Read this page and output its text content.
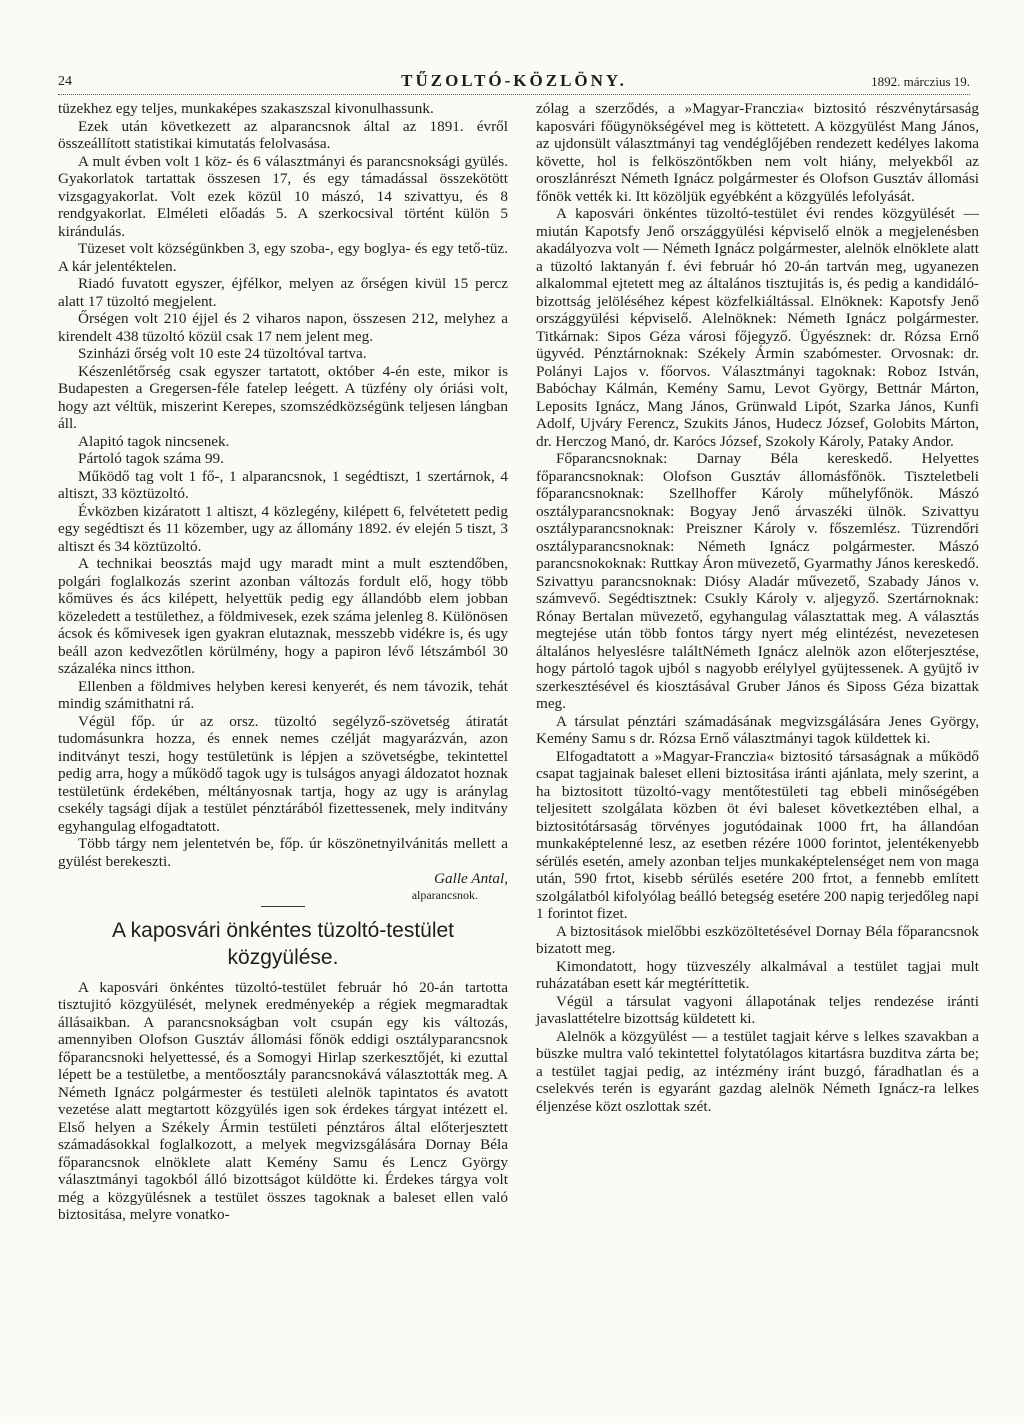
24	TŰZOLTÓ-KÖZLÖNY.	1892. márczius 19.

tüzekhez egy teljes, munkaképes szakaszszal kivonulhassunk.

Ezek után következett az alparancsnok által az 1891. évről összeállított statistikai kimutatás felolvasása.

A mult évben volt 1 köz- és 6 választmányi és parancsnoksági gyülés. Gyakorlatok tartattak összesen 17, és egy támadással összekötött vizsgagyakorlat. Volt ezek közül 10 mászó, 14 szivattyu, és 8 rendgyakorlat. Elméleti előadás 5. A szerkocsival történt külön 5 kirándulás.

Tüzeset volt községünkben 3, egy szoba-, egy boglya- és egy tető-tüz. A kár jelentéktelen.

Riadó fuvatott egyszer, éjfélkor, melyen az őrségen kivül 15 percz alatt 17 tüzoltó megjelent.

Őrségen volt 210 éjjel és 2 viharos napon, összesen 212, melyhez a kirendelt 438 tüzoltó közül csak 17 nem jelent meg.

Szinházi őrség volt 10 este 24 tüzoltóval tartva.

Készenlétőrség csak egyszer tartatott, október 4-én este, mikor is Budapesten a Gregersen-féle fatelep leégett. A tüzfény oly óriási volt, hogy azt véltük, miszerint Kerepes, szomszédközségünk teljesen lángban áll.

Alapitó tagok nincsenek.

Pártoló tagok száma 99.

Működő tag volt 1 fő-, 1 alparancsnok, 1 segédtiszt, 1 szertárnok, 4 altiszt, 33 köztüzoltó.

Évközben kizáratott 1 altiszt, 4 közlegény, kilépett 6, felvétetett pedig egy segédtiszt és 11 közember, ugy az állomány 1892. év elején 5 tiszt, 3 altiszt és 34 köztüzoltó.

A technikai beosztás majd ugy maradt mint a mult esztendőben, polgári foglalkozás szerint azonban változás fordult elő, hogy több kőmüves és ács kilépett, helyettük pedig egy állandóbb elem jobban közeledett a testülethez, a földmivesek, ezek száma jelenleg 8. Különösen ácsok és kőmivesek igen gyakran elutaznak, messzebb vidékre is, és ugy beáll azon kedvezőtlen körülmény, hogy a papiron lévő létszámból 30 százaléka nincs itthon.

Ellenben a földmives helyben keresi kenyerét, és nem távozik, tehát mindig számithatni rá.

Végül főp. úr az orsz. tüzoltó segélyző-szövetség átiratát tudomásunkra hozza, és ennek nemes czélját magyarázván, azon inditványt teszi, hogy testületünk is lépjen a szövetségbe, tekintettel pedig arra, hogy a működő tagok ugy is tulságos anyagi áldozatot hoznak testületünk érdekében, méltányosnak tartja, hogy az ugy is aránylag csekély tagsági díjak a testület pénztárából fizettessenek, mely inditvány egyhangulag elfogadtatott.

Több tárgy nem jelentetvén be, főp. úr köszönetnyilvánitás mellett a gyülést berekeszti.

Galle Antal,
alparancsnok.

A kaposvári önkéntes tüzoltó-testület
közgyülése.

A kaposvári önkéntes tüzoltó-testület február hó 20-án tartotta tisztujitó közgyülését, melynek eredményekép a régiek megmaradtak állásaikban. A parancsnokságban volt csupán egy kis változás, amennyiben Olofson Gusztáv állomási főnök eddigi osztályparancsnok főparancsnoki helyettessé, és a Somogyi Hirlap szerkesztőjét, ki ezuttal lépett be a testületbe, a mentőosztály parancsnokává választották meg. A Németh Ignácz polgármester és testületi alelnök tapintatos és avatott vezetése alatt megtartott közgyülés igen sok érdekes tárgyat intézett el. Első helyen a Székely Ármin testületi pénztáros által előterjesztett számadásokkal foglalkozott, a melyek megvizsgálására Dornay Béla főparancsnok elnöklete alatt Kemény Samu és Lencz György választmányi tagokból álló bizottságot küldötte ki. Érdekes tárgya volt még a közgyülésnek a testület összes tagoknak a baleset ellen való biztositása, melyre vonatko-

zólag a szerződés, a »Magyar-Franczia« biztositó részvénytársaság kaposvári főügynökségével meg is köttetett. A közgyülést Mang János, az ujdonsült választmányi tag vendéglőjében rendezett kedélyes lakoma követte, hol is felköszöntőkben nem volt hiány, melyekből az oroszlánrészt Németh Ignácz polgármester és Olofson Gusztáv állomási főnök vették ki. Itt közöljük egyébként a közgyülés lefolyását.

A kaposvári önkéntes tüzoltó-testület évi rendes közgyülését — miután Kapotsfy Jenő országgyülési képviselő elnök a megjelenésben akadályozva volt — Németh Ignácz polgármester, alelnök elnöklete alatt a tüzoltó laktanyán f. évi február hó 20-án tartván meg, ugyanezen alkalommal ejtetett meg az általános tisztujitás is, és pedig a kandidáló-bizottság jelöléséhez képest közfelkiáltással. Elnöknek: Kapotsfy Jenő országgyülési képviselő. Alelnöknek: Németh Ignácz polgármester. Titkárnak: Sipos Géza városi főjegyző. Ügyésznek: dr. Rózsa Ernő ügyvéd. Pénztárnoknak: Székely Ármin szabómester. Orvosnak: dr. Polányi Lajos v. főorvos. Választmányi tagoknak: Roboz István, Babóchay Kálmán, Kemény Samu, Levot György, Bettnár Márton, Leposits Ignácz, Mang János, Grünwald Lipót, Szarka János, Kunfi Adolf, Ujváry Ferencz, Szukits János, Hudecz József, Golobits Márton, dr. Herczog Manó, dr. Karócs József, Szokoly Károly, Pataky Andor.

Főparancsnoknak: Darnay Béla kereskedő. Helyettes főparancsnoknak: Olofson Gusztáv állomásfőnök. Tiszteletbeli főparancsnoknak: Szellhoffer Károly műhelyfőnök. Mászó osztályparancsnoknak: Bogyay Jenő árvaszéki ülnök. Szivattyu osztályparancsnoknak: Preiszner Károly v. főszemlész. Tüzrendőri osztályparancsnoknak: Németh Ignácz polgármester. Mászó parancsnokoknak: Ruttkay Áron müvezető, Gyarmathy János kereskedő. Szivattyu parancsnoknak: Diósy Aladár művezető, Szabady János v. számvevő. Segédtisztnek: Csukly Károly v. aljegyző. Szertárnoknak: Rónay Bertalan müvezető, egyhangulag választattak meg. A választás megtejése után több fontos tárgy nyert még elintézést, nevezetesen általános helyeslésre találtNémeth Ignácz alelnök azon előterjesztése, hogy pártoló tagok ujból s nagyobb erélylyel gyüjtessenek. A gyüjtő iv szerkesztésével és kiosztásával Gruber János és Siposs Géza bizattak meg.

A társulat pénztári számadásának megvizsgálására Jenes György, Kemény Samu s dr. Rózsa Ernő választmányi tagok küldettek ki.

Elfogadtatott a »Magyar-Franczia« biztositó társaságnak a működő csapat tagjainak baleset elleni biztositása iránti ajánlata, mely szerint, a ha biztositott tüzoltó-vagy mentőtestületi tag ebbeli minőségében teljesitett szolgálata közben öt évi baleset következtében elhal, a biztositótársaság törvényes jogutódainak 1000 frt, ha állandóan munkaképtelenné lesz, az esetben rézére 1000 forintot, jelentékenyebb sérülés esetén, amely azonban teljes munkaképtelenséget nem von maga után, 590 frtot, kisebb sérülés esetére 200 frtot, a fennebb említett szolgálatból kifolyólag beálló betegség esetére 200 napig terjedőleg napi 1 forintot fizet.

A biztositások mielőbbi eszközöltetésével Dornay Béla főparancsnok bizatott meg.

Kimondatott, hogy tüzveszély alkalmával a testület tagjai mult ruházatában esett kár megtéríttetik.

Végül a társulat vagyoni állapotának teljes rendezése iránti javaslattételre bizottság küldetett ki.

Alelnök a közgyülést — a testület tagjait kérve s lelkes szavakban a büszke multra való tekintettel folytatólagos kitartásra buzditva zárta be; a testület tagjai pedig, az intézmény iránt buzgó, fáradhatlan és a cselekvés terén is egyaránt gazdag alelnök Németh Ignácz-ra lelkes éljenzése közt oszlottak szét.
